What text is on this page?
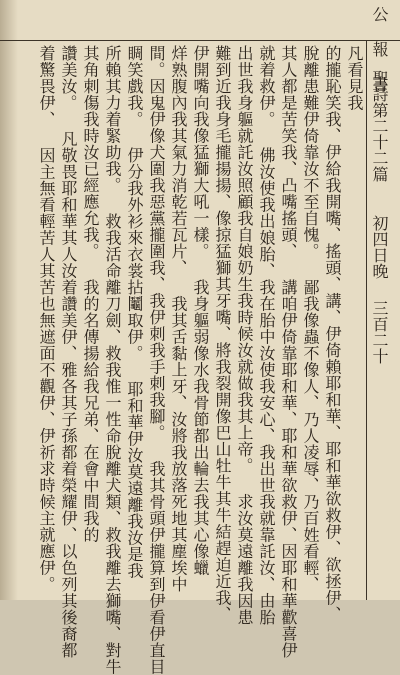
公 報 書
聖詩第二十二篇
初四日晚
三百二十
凡看見我
的攏恥笑我、伊給我開嘴、搖頭、講、伊倚賴耶和華、耶和華欲救伊、欲拯伊、
脫離患難伊倚靠汝不至自愧。 鄙我像蟲不像人、乃人凌辱、乃百姓看輕、
其人都是苦笑我、凸嘴搖頭、 講咱伊倚靠耶和華、耶和華欲救伊、因耶和華歡喜伊
就着救伊。 佛汝使我出娘胎、我在胎中汝使我安心、我出世我就靠託汝、由胎
出世我身軀就託汝照顧我自娘奶生我時候汝就做我其上帝。 求汝莫遠離我因患
難到近我身毛攏揚揚、像掠猛獅其牙嘴、將我裂開像巴山牡牛其牛結趕迫近我、
伊開嘴向我像猛獅大吼一樣。 我身軀弱像水我骨節都出輪去我其心像蠟
烊熟腹內我其氣力消乾若瓦片、 我其舌黏上牙、汝將我放落死地其塵埃中
間。因鬼伊像犬圍我惡黨攏圍我、我伊刺我手刺我腳。 我其骨頭伊攏算到伊看伊直目
睭笑戲我。 伊分我外衫來衣裳拈鬮取伊。 耶和華伊汝莫遠離我汝是我
所賴其力着緊助我。 救我活命離刀劍、救我惟一性命脫離犬類、救我離去獅嘴、對牛
其角刺傷我時汝已經應允我。 我的名傳揚給我兄弟、在會中間我的
讚美汝。 凡敬畏耶和華其人汝着讚美伊、雅各其子孫都着榮耀伊、以色列其後裔都
着驚畏伊、 因主無看輕苦人其苦也無遮面不觀伊、伊祈求時候主就應伊。
